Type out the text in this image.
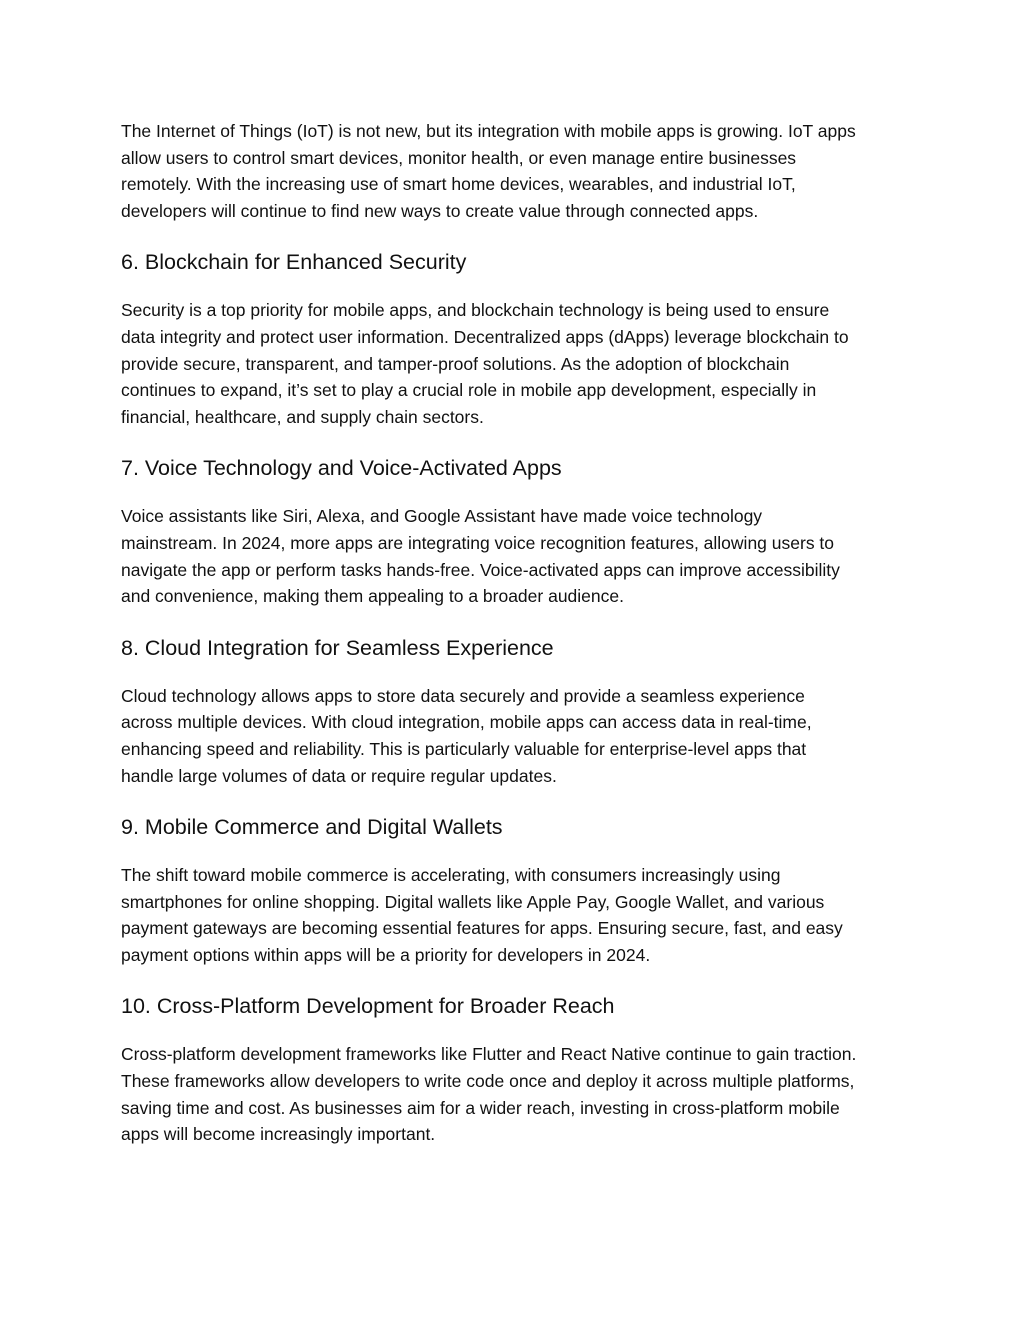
The Internet of Things (IoT) is not new, but its integration with mobile apps is growing. IoT apps
allow users to control smart devices, monitor health, or even manage entire businesses
remotely. With the increasing use of smart home devices, wearables, and industrial IoT,
developers will continue to find new ways to create value through connected apps.

6. Blockchain for Enhanced Security

Security is a top priority for mobile apps, and blockchain technology is being used to ensure
data integrity and protect user information. Decentralized apps (dApps) leverage blockchain to
provide secure, transparent, and tamper-proof solutions. As the adoption of blockchain
continues to expand, it’s set to play a crucial role in mobile app development, especially in
financial, healthcare, and supply chain sectors.

7. Voice Technology and Voice-Activated Apps

Voice assistants like Siri, Alexa, and Google Assistant have made voice technology
mainstream. In 2024, more apps are integrating voice recognition features, allowing users to
navigate the app or perform tasks hands-free. Voice-activated apps can improve accessibility
and convenience, making them appealing to a broader audience.

8. Cloud Integration for Seamless Experience

Cloud technology allows apps to store data securely and provide a seamless experience
across multiple devices. With cloud integration, mobile apps can access data in real-time,
enhancing speed and reliability. This is particularly valuable for enterprise-level apps that
handle large volumes of data or require regular updates.

9. Mobile Commerce and Digital Wallets

The shift toward mobile commerce is accelerating, with consumers increasingly using
smartphones for online shopping. Digital wallets like Apple Pay, Google Wallet, and various
payment gateways are becoming essential features for apps. Ensuring secure, fast, and easy
payment options within apps will be a priority for developers in 2024.

10. Cross-Platform Development for Broader Reach

Cross-platform development frameworks like Flutter and React Native continue to gain traction.
These frameworks allow developers to write code once and deploy it across multiple platforms,
saving time and cost. As businesses aim for a wider reach, investing in cross-platform mobile
apps will become increasingly important.
